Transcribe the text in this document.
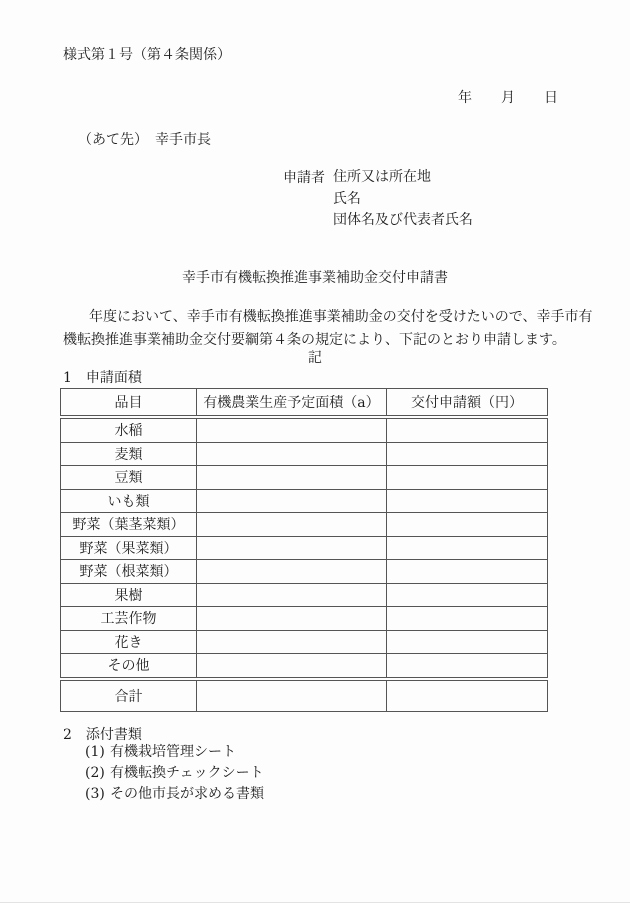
様式第１号（第４条関係）
年 月 日
（あて先）　幸手市長
申請者 住所又は所在地
氏名
団体名及び代表者氏名
幸手市有機転換推進事業補助金交付申請書
年度において、幸手市有機転換推進事業補助金の交付を受けたいので、幸手市有
機転換推進事業補助金交付要綱第４条の規定により、下記のとおり申請します。
記
1　申請面積
品目	有機農業生産予定面積（a）	交付申請額（円）
水稲		
麦類		
豆類		
いも類		
野菜（葉茎菜類）		
野菜（果菜類）		
野菜（根菜類）		
果樹		
工芸作物		
花き		
その他		
合計		
2　添付書類
(1) 有機栽培管理シート
(2) 有機転換チェックシート
(3) その他市長が求める書類
